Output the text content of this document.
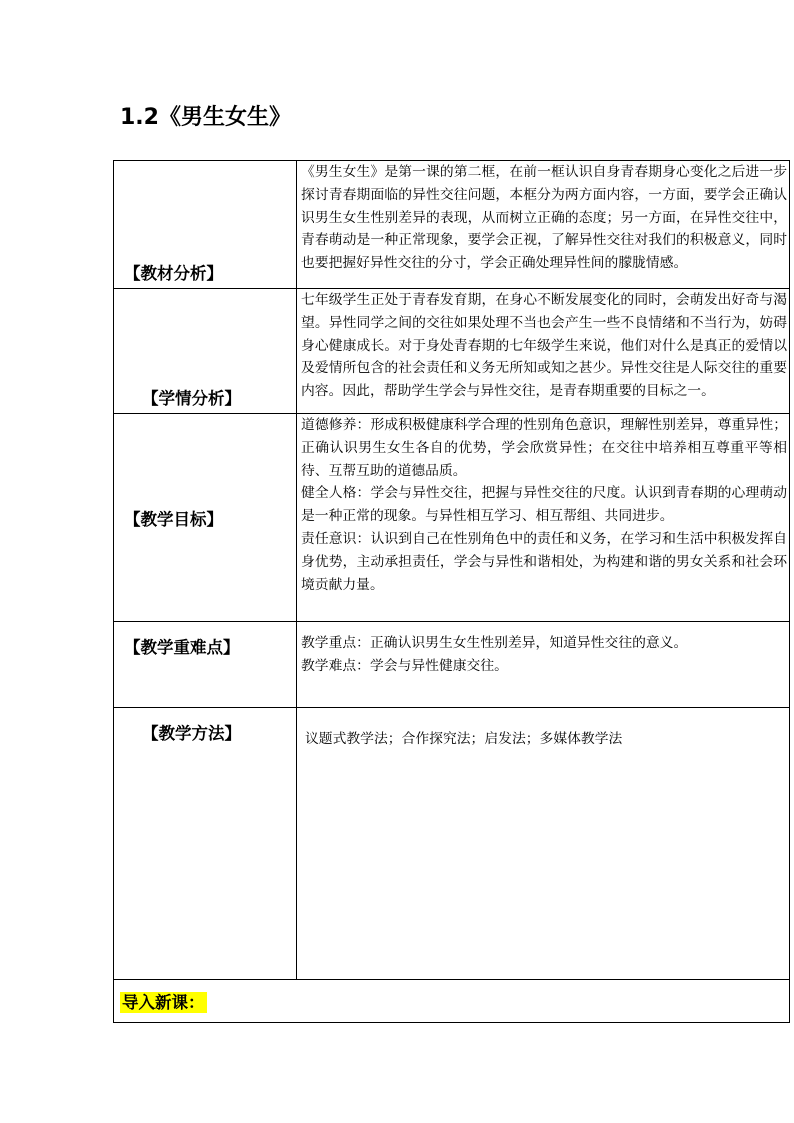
1.2《男生女生》
【教材分析】	《男生女生》是第一课的第二框，在前一框认识自身青春期身心变化之后进一步探讨青春期面临的异性交往问题，本框分为两方面内容，一方面，要学会正确认识男生女生性别差异的表现，从而树立正确的态度；另一方面，在异性交往中，青春萌动是一种正常现象，要学会正视，了解异性交往对我们的积极意义，同时也要把握好异性交往的分寸，学会正确处理异性间的朦胧情感。
【学情分析】	七年级学生正处于青春发育期，在身心不断发展变化的同时，会萌发出好奇与渴望。异性同学之间的交往如果处理不当也会产生一些不良情绪和不当行为，妨碍身心健康成长。对于身处青春期的七年级学生来说，他们对什么是真正的爱情以及爱情所包含的社会责任和义务无所知或知之甚少。异性交往是人际交往的重要内容。因此，帮助学生学会与异性交往，是青春期重要的目标之一。
【教学目标】	道德修养：形成积极健康科学合理的性别角色意识，理解性别差异，尊重异性；正确认识男生女生各自的优势，学会欣赏异性；在交往中培养相互尊重平等相待、互帮互助的道德品质。
健全人格：学会与异性交往，把握与异性交往的尺度。认识到青春期的心理萌动是一种正常的现象。与异性相互学习、相互帮组、共同进步。
责任意识：认识到自己在性别角色中的责任和义务，在学习和生活中积极发挥自身优势，主动承担责任，学会与异性和谐相处，为构建和谐的男女关系和社会环境贡献力量。

【教学重难点】	教学重点：正确认识男生女生性别差异，知道异性交往的意义。
教学难点：学会与异性健康交往。

【教学方法】	议题式教学法；合作探究法；启发法；多媒体教学法

导入新课：	
